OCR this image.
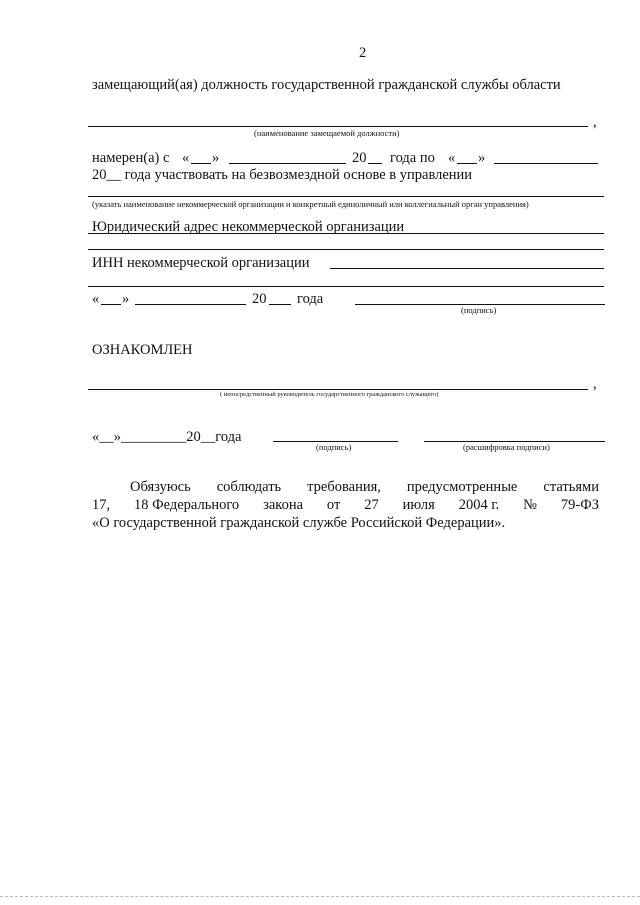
2
замещающий(ая) должность государственной гражданской службы области
,
(наименование замещаемой должности)
намерен(а) с « »	20 года по « »
20__ года участвовать на безвозмездной основе в управлении
(указать наименование некоммерческой организации и конкретный единоличный или коллегиальный орган управления)
Юридический адрес некоммерческой организации
ИНН некоммерческой организации
« »	20 года
(подпись)
ОЗНАКОМЛЕН
,
( непосредственный руководитель государственного гражданского служащего)
«__»_________20__года
(подпись)	(расшифровка подписи)
Обязуюсь соблюдать требования, предусмотренные статьями
17, 18 Федерального закона от 27 июля 2004 г. № 79-ФЗ
«О государственной гражданской службе Российской Федерации».
